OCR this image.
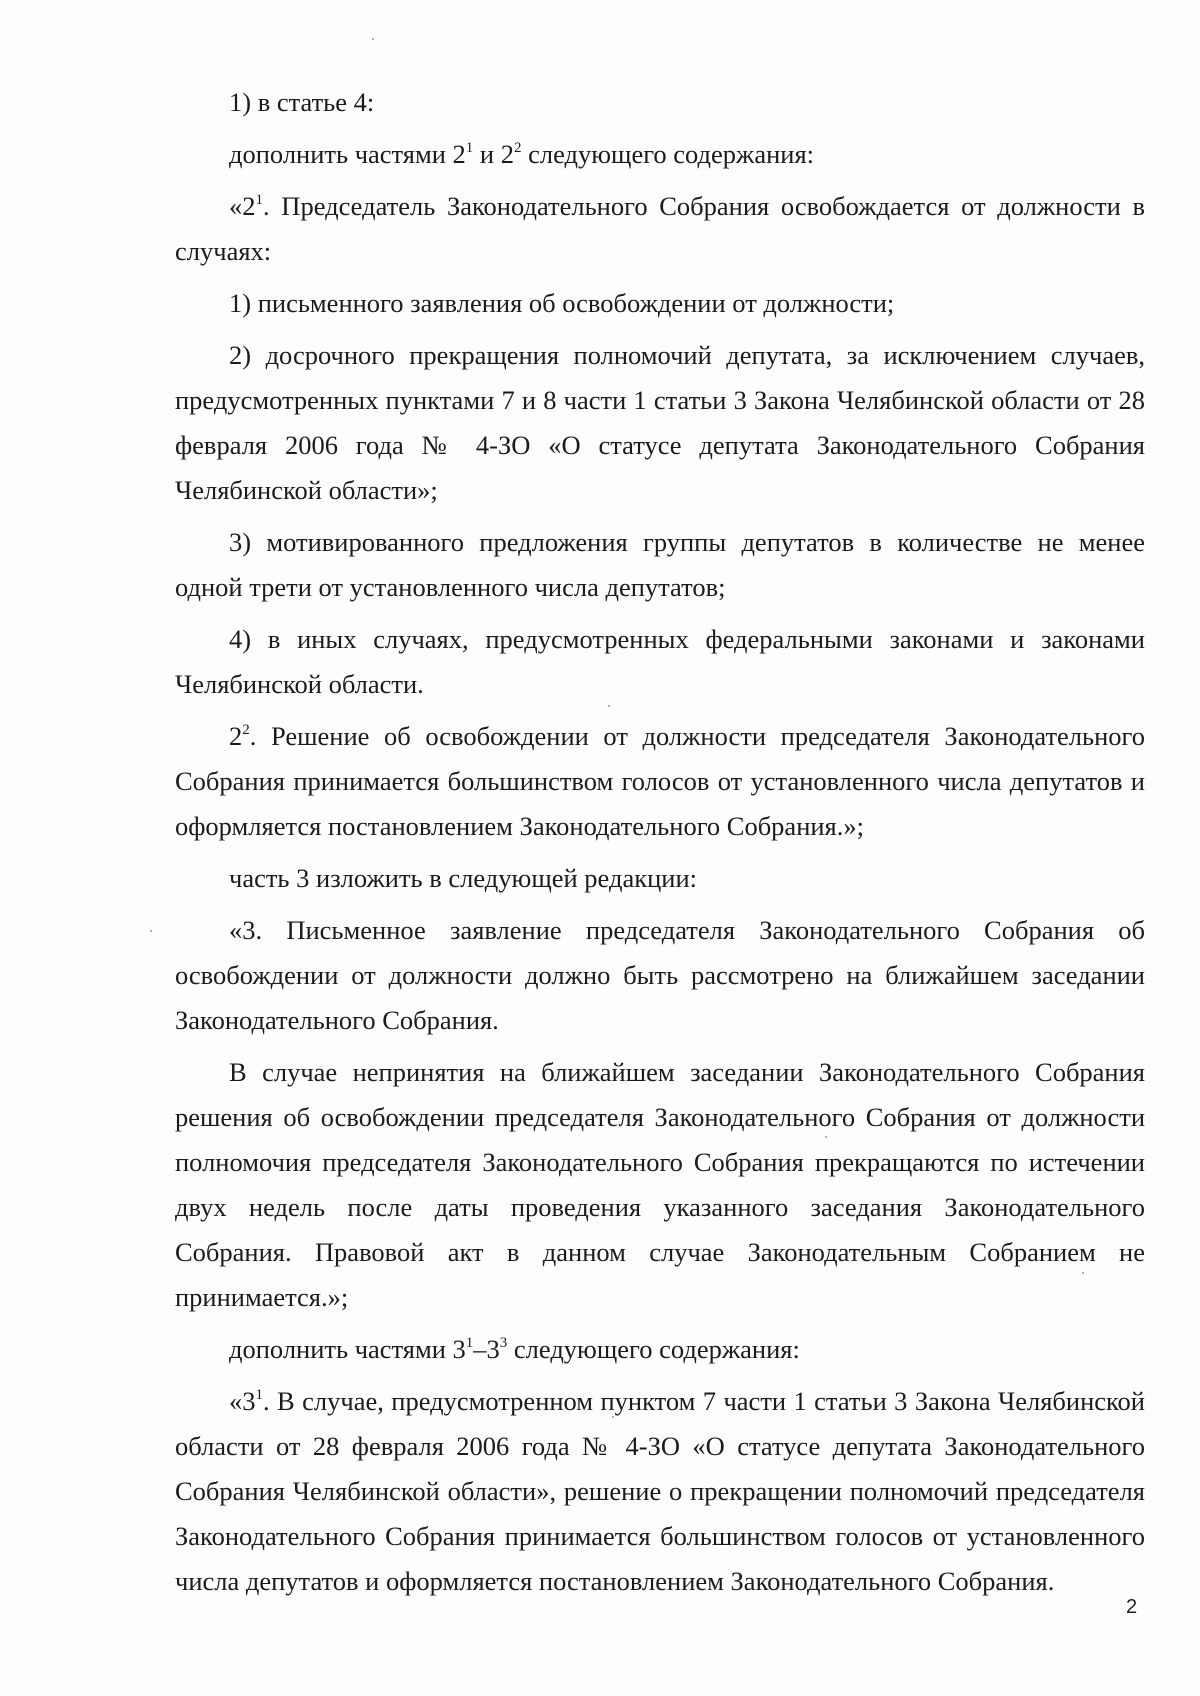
1) в статье 4:

дополнить частями $2^1$ и $2^2$ следующего содержания:

«$2^1$. Председатель Законодательного Собрания освобождается от должности в случаях:

1) письменного заявления об освобождении от должности;

2) досрочного прекращения полномочий депутата, за исключением случаев, предусмотренных пунктами 7 и 8 части 1 статьи 3 Закона Челябинской области от 28 февраля 2006 года № 4-ЗО «О статусе депутата Законодательного Собрания Челябинской области»;

3) мотивированного предложения группы депутатов в количестве не менее одной трети от установленного числа депутатов;

4) в иных случаях, предусмотренных федеральными законами и законами Челябинской области.

$2^2$. Решение об освобождении от должности председателя Законодательного Собрания принимается большинством голосов от установленного числа депутатов и оформляется постановлением Законодательного Собрания.»;

часть 3 изложить в следующей редакции:

«3. Письменное заявление председателя Законодательного Собрания об освобождении от должности должно быть рассмотрено на ближайшем заседании Законодательного Собрания.

В случае непринятия на ближайшем заседании Законодательного Собрания решения об освобождении председателя Законодательного Собрания от должности полномочия председателя Законодательного Собрания прекращаются по истечении двух недель после даты проведения указанного заседания Законодательного Собрания. Правовой акт в данном случае Законодательным Собранием не принимается.»;

дополнить частями $3^1-3^3$ следующего содержания:

«$3^1$. В случае, предусмотренном пунктом 7 части 1 статьи 3 Закона Челябинской области от 28 февраля 2006 года № 4-ЗО «О статусе депутата Законодательного Собрания Челябинской области», решение о прекращении полномочий председателя Законодательного Собрания принимается большинством голосов от установленного числа депутатов и оформляется постановлением Законодательного Собрания.

2
